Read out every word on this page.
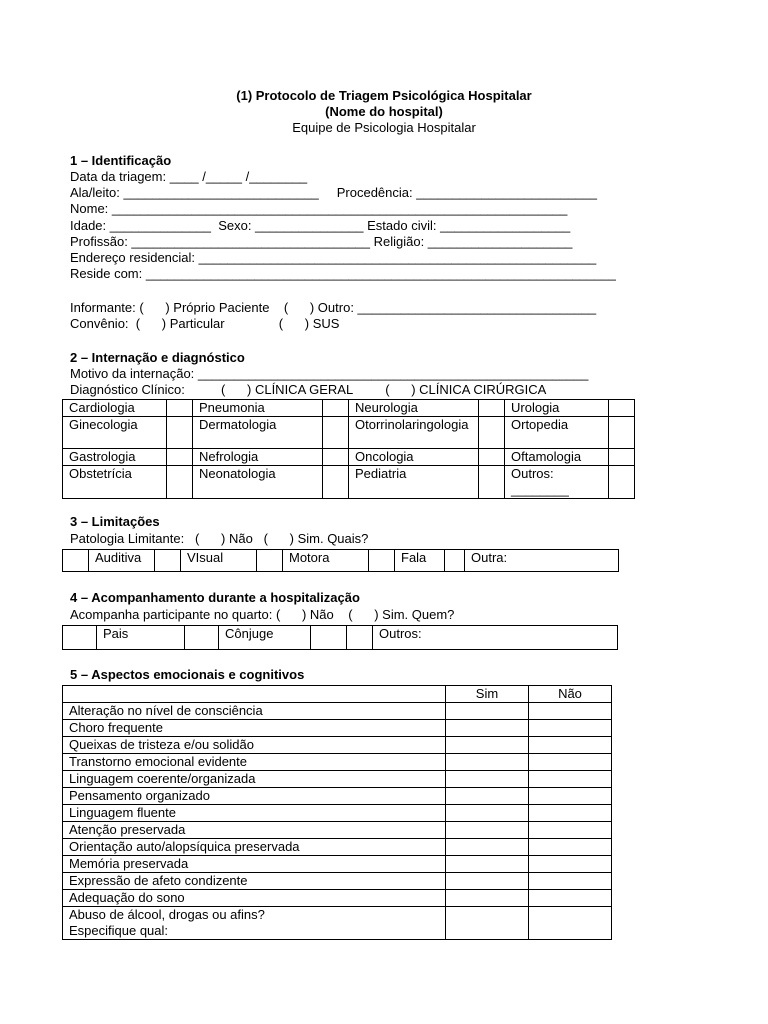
(1) Protocolo de Triagem Psicológica Hospitalar
(Nome do hospital)
Equipe de Psicologia Hospitalar
1 – Identificação
Data da triagem: ____ /_____ /________
Ala/leito: ___________________________     Procedência: _________________________
Nome: _______________________________________________________________
Idade: ______________  Sexo: _______________ Estado civil: __________________
Profissão: _________________________________ Religião: ____________________
Endereço residencial: _______________________________________________________
Reside com: _________________________________________________________________
Informante: (      ) Próprio Paciente    (      ) Outro: _________________________________
Convênio:  (      ) Particular               (      ) SUS
2 – Internação e diagnóstico
Motivo da internação: ______________________________________________________
Diagnóstico Clínico:          (      ) CLÍNICA GERAL         (      ) CLÍNICA CIRÚRGICA
Cardiologia		Pneumonia		Neurologia		Urologia	
Ginecologia		Dermatologia		Otorrinolaringologia		Ortopedia	
Gastrologia		Nefrologia		Oncologia		Oftamologia	
Obstetrícia		Neonatologia		Pediatria		Outros: ________	
3 – Limitações
Patologia Limitante:   (      ) Não   (      ) Sim. Quais?
	Auditiva		VIsual		Motora		Fala		Outra:
4 – Acompanhamento durante a hospitalização
Acompanha participante no quarto: (      ) Não    (      ) Sim. Quem?
	Pais		Cônjuge			Outros:
5 – Aspectos emocionais e cognitivos
	Sim	Não
Alteração no nível de consciência		
Choro frequente		
Queixas de tristeza e/ou solidão		
Transtorno emocional evidente		
Linguagem coerente/organizada		
Pensamento organizado		
Linguagem fluente		
Atenção preservada		
Orientação auto/alopsíquica preservada		
Memória preservada		
Expressão de afeto condizente		
Adequação do sono		
Abuso de álcool, drogas ou afins?
Especifique qual:		
